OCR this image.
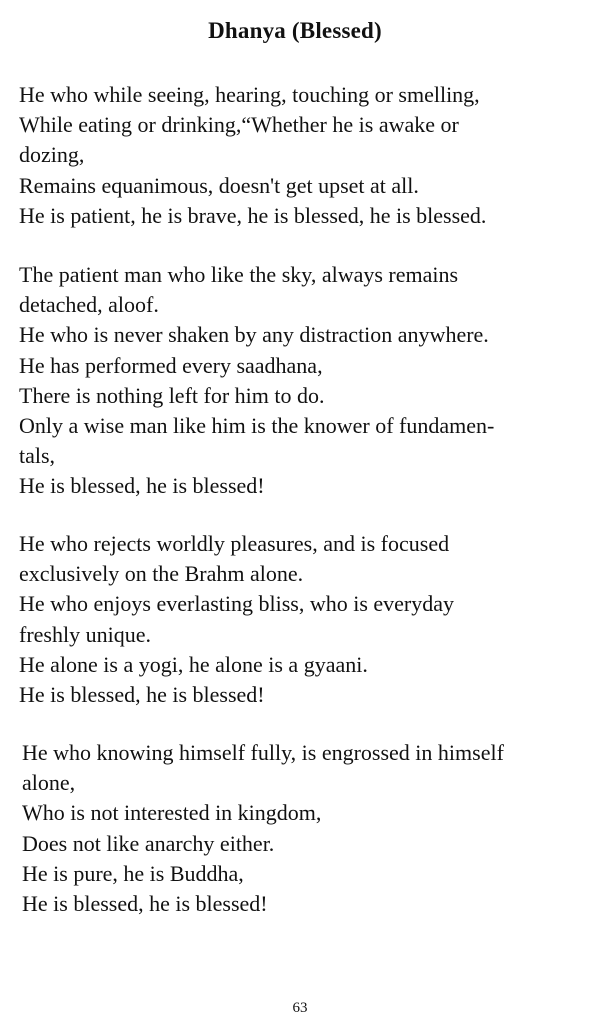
Dhanya (Blessed)
He who while seeing, hearing, touching or smelling,
While eating or drinking,“Whether he is awake or
dozing,
Remains equanimous, doesn't get upset at all.
He is patient, he is brave, he is blessed, he is blessed.
The patient man who like the sky, always remains
detached, aloof.
He who is never shaken by any distraction anywhere.
He has performed every saadhana,
There is nothing left for him to do.
Only a wise man like him is the knower of fundamen-
tals,
He is blessed, he is blessed!
He who rejects worldly pleasures, and is focused
exclusively on the Brahm alone.
He who enjoys everlasting bliss, who is everyday
freshly unique.
He alone is a yogi, he alone is a gyaani.
He is blessed, he is blessed!
He who knowing himself fully, is engrossed in himself
alone,
Who is not interested in kingdom,
Does not like anarchy either.
He is pure, he is Buddha,
He is blessed, he is blessed!
63
